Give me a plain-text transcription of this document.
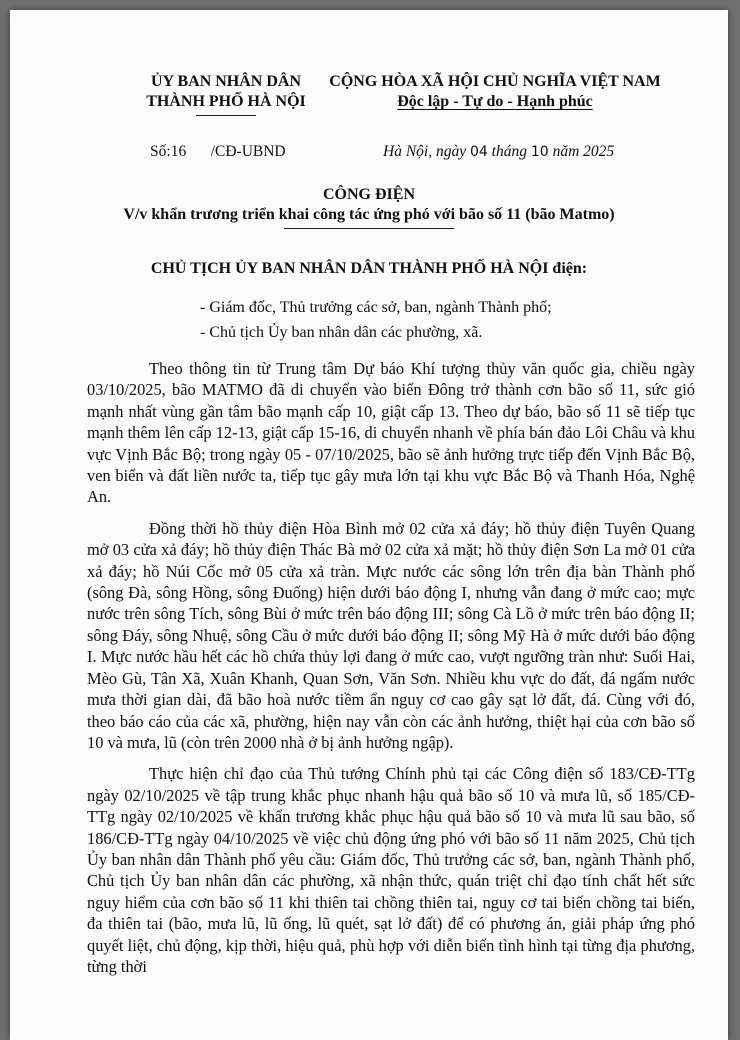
ỦY BAN NHÂN DÂN
THÀNH PHỐ HÀ NỘI
CỘNG HÒA XÃ HỘI CHỦ NGHĨA VIỆT NAM
Độc lập - Tự do - Hạnh phúc
Số:16 /CĐ-UBND	Hà Nội, ngày 04 tháng 10 năm 2025
CÔNG ĐIỆN
V/v khẩn trương triển khai công tác ứng phó với bão số 11 (bão Matmo)
CHỦ TỊCH ỦY BAN NHÂN DÂN THÀNH PHỐ HÀ NỘI điện:
- Giám đốc, Thủ trưởng các sở, ban, ngành Thành phố;
- Chủ tịch Ủy ban nhân dân các phường, xã.

Theo thông tin từ Trung tâm Dự báo Khí tượng thủy văn quốc gia, chiều ngày 03/10/2025, bão MATMO đã di chuyển vào biển Đông trở thành cơn bão số 11, sức gió mạnh nhất vùng gần tâm bão mạnh cấp 10, giật cấp 13. Theo dự báo, bão số 11 sẽ tiếp tục mạnh thêm lên cấp 12-13, giật cấp 15-16, di chuyển nhanh về phía bán đảo Lôi Châu và khu vực Vịnh Bắc Bộ; trong ngày 05 - 07/10/2025, bão sẽ ảnh hưởng trực tiếp đến Vịnh Bắc Bộ, ven biển và đất liền nước ta, tiếp tục gây mưa lớn tại khu vực Bắc Bộ và Thanh Hóa, Nghệ An.

Đồng thời hồ thủy điện Hòa Bình mở 02 cửa xả đáy; hồ thủy điện Tuyên Quang mở 03 cửa xả đáy; hồ thủy điện Thác Bà mở 02 cửa xả mặt; hồ thủy điện Sơn La mở 01 cửa xả đáy; hồ Núi Cốc mở 05 cửa xả tràn. Mực nước các sông lớn trên địa bàn Thành phố (sông Đà, sông Hồng, sông Đuống) hiện dưới báo động I, nhưng vẫn đang ở mức cao; mực nước trên sông Tích, sông Bùi ở mức trên báo động III; sông Cà Lồ ở mức trên báo động II; sông Đáy, sông Nhuệ, sông Cầu ở mức dưới báo động II; sông Mỹ Hà ở mức dưới báo động I. Mực nước hầu hết các hồ chứa thủy lợi đang ở mức cao, vượt ngưỡng tràn như: Suối Hai, Mèo Gù, Tân Xã, Xuân Khanh, Quan Sơn, Văn Sơn. Nhiều khu vực do đất, đá ngấm nước mưa thời gian dài, đã bão hoà nước tiềm ẩn nguy cơ cao gây sạt lở đất, đá. Cùng với đó, theo báo cáo của các xã, phường, hiện nay vẫn còn các ảnh hưởng, thiệt hại của cơn bão số 10 và mưa, lũ (còn trên 2000 nhà ở bị ảnh hưởng ngập).

Thực hiện chỉ đạo của Thủ tướng Chính phủ tại các Công điện số 183/CĐ-TTg ngày 02/10/2025 về tập trung khắc phục nhanh hậu quả bão số 10 và mưa lũ, số 185/CĐ-TTg ngày 02/10/2025 về khẩn trương khắc phục hậu quả bão số 10 và mưa lũ sau bão, số 186/CĐ-TTg ngày 04/10/2025 về việc chủ động ứng phó với bão số 11 năm 2025, Chủ tịch Ủy ban nhân dân Thành phố yêu cầu: Giám đốc, Thủ trưởng các sở, ban, ngành Thành phố, Chủ tịch Ủy ban nhân dân các phường, xã nhận thức, quán triệt chỉ đạo tính chất hết sức nguy hiểm của cơn bão số 11 khi thiên tai chồng thiên tai, nguy cơ tai biến chồng tai biến, đa thiên tai (bão, mưa lũ, lũ ống, lũ quét, sạt lở đất) để có phương án, giải pháp ứng phó quyết liệt, chủ động, kịp thời, hiệu quả, phù hợp với diễn biến tình hình tại từng địa phương, từng thời
